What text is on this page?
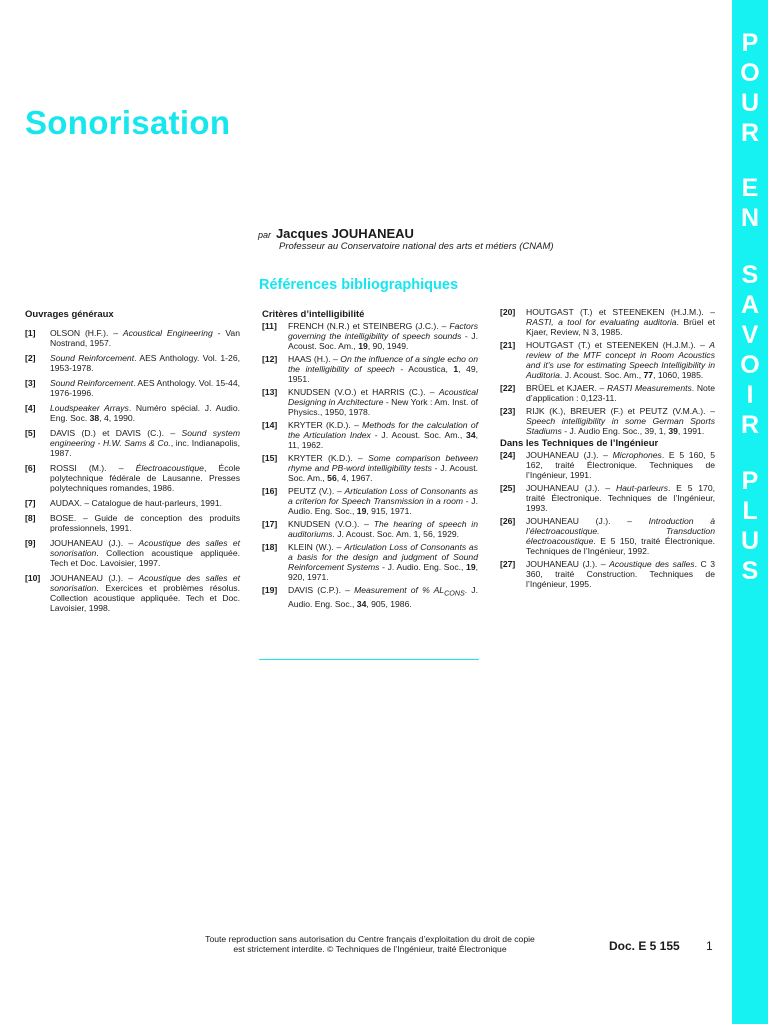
P
O
U
R
E
N
S
A
V
O
I
R
P
L
U
S
Sonorisation
par Jacques JOUHANEAU
Professeur au Conservatoire national des arts et métiers (CNAM)
Références bibliographiques
Ouvrages généraux
[1]	OLSON (H.F.). – Acoustical Engineering - Van Nostrand, 1957.
[2]	Sound Reinforcement. AES Anthology. Vol. 1-26, 1953-1978.
[3]	Sound Reinforcement. AES Anthology. Vol. 15-44, 1976-1996.
[4]	Loudspeaker Arrays. Numéro spécial. J. Audio. Eng. Soc. 38, 4, 1990.
[5]	DAVIS (D.) et DAVIS (C.). – Sound system engineering - H.W. Sams & Co., inc. Indianapolis, 1987.
[6]	ROSSI (M.). – Électroacoustique, École polytechnique fédérale de Lausanne. Presses polytechniques romandes, 1986.
[7]	AUDAX. – Catalogue de haut-parleurs, 1991.
[8]	BOSE. – Guide de conception des produits professionnels, 1991.
[9]	JOUHANEAU (J.). – Acoustique des salles et sonorisation. Collection acoustique appliquée. Tech et Doc. Lavoisier, 1997.
[10]	JOUHANEAU (J.). – Acoustique des salles et sonorisation. Exercices et problèmes résolus. Collection acoustique appliquée. Tech et Doc. Lavoisier, 1998.
Critères d’intelligibilité
[11]	FRENCH (N.R.) et STEINBERG (J.C.). – Factors governing the intelligibility of speech sounds - J. Acoust. Soc. Am., 19, 90, 1949.
[12]	HAAS (H.). – On the influence of a single echo on the intelligibility of speech - Acoustica, 1, 49, 1951.
[13]	KNUDSEN (V.O.) et HARRIS (C.). – Acoustical Designing in Architecture - New York : Am. Inst. of Physics., 1950, 1978.
[14]	KRYTER (K.D.). – Methods for the calculation of the Articulation Index - J. Acoust. Soc. Am., 34, 11, 1962.
[15]	KRYTER (K.D.). – Some comparison between rhyme and PB-word intelligibility tests - J. Acoust. Soc. Am., 56, 4, 1967.
[16]	PEUTZ (V.). – Articulation Loss of Consonants as a criterion for Speech Transmission in a room - J. Audio. Eng. Soc., 19, 915, 1971.
[17]	KNUDSEN (V.O.). – The hearing of speech in auditoriums. J. Acoust. Soc. Am. 1, 56, 1929.
[18]	KLEIN (W.). – Articulation Loss of Consonants as a basis for the design and judgment of Sound Reinforcement Systems - J. Audio. Eng. Soc., 19, 920, 1971.
[19]	DAVIS (C.P.). – Measurement of % $AL_{CONS}$. J. Audio. Eng. Soc., 34, 905, 1986.
[20]	HOUTGAST (T.) et STEENEKEN (H.J.M.). – RASTI, a tool for evaluating auditoria. Brüel et Kjaer, Review, N 3, 1985.
[21]	HOUTGAST (T.) et STEENEKEN (H.J.M.). – A review of the MTF concept in Room Acoustics and it’s use for estimating Speech Intelligibility in Auditoria. J. Acoust. Soc. Am., 77, 1060, 1985.
[22]	BRÜEL et KJAER. – RASTI Measurements. Note d’application : 0,123-11.
[23]	RIJK (K.), BREUER (F.) et PEUTZ (V.M.A.). – Speech intelligibility in some German Sports Stadiums - J. Audio Eng. Soc., 39, 1, 39, 1991.
Dans les Techniques de l’Ingénieur
[24]	JOUHANEAU (J.). – Microphones. E 5 160, 5 162, traité Électronique. Techniques de l’Ingénieur, 1991.
[25]	JOUHANEAU (J.). – Haut-parleurs. E 5 170, traité Électronique. Techniques de l’Ingénieur, 1993.
[26]	JOUHANEAU (J.). – Introduction à l’électroacoustique. Transduction électroacoustique. E 5 150, traité Électronique. Techniques de l’Ingénieur, 1992.
[27]	JOUHANEAU (J.). – Acoustique des salles. C 3 360, traité Construction. Techniques de l’Ingénieur, 1995.
Toute reproduction sans autorisation du Centre français d’exploitation du droit de copie
est strictement interdite. © Techniques de l’Ingénieur, traité Électronique	Doc. E 5 155 1
